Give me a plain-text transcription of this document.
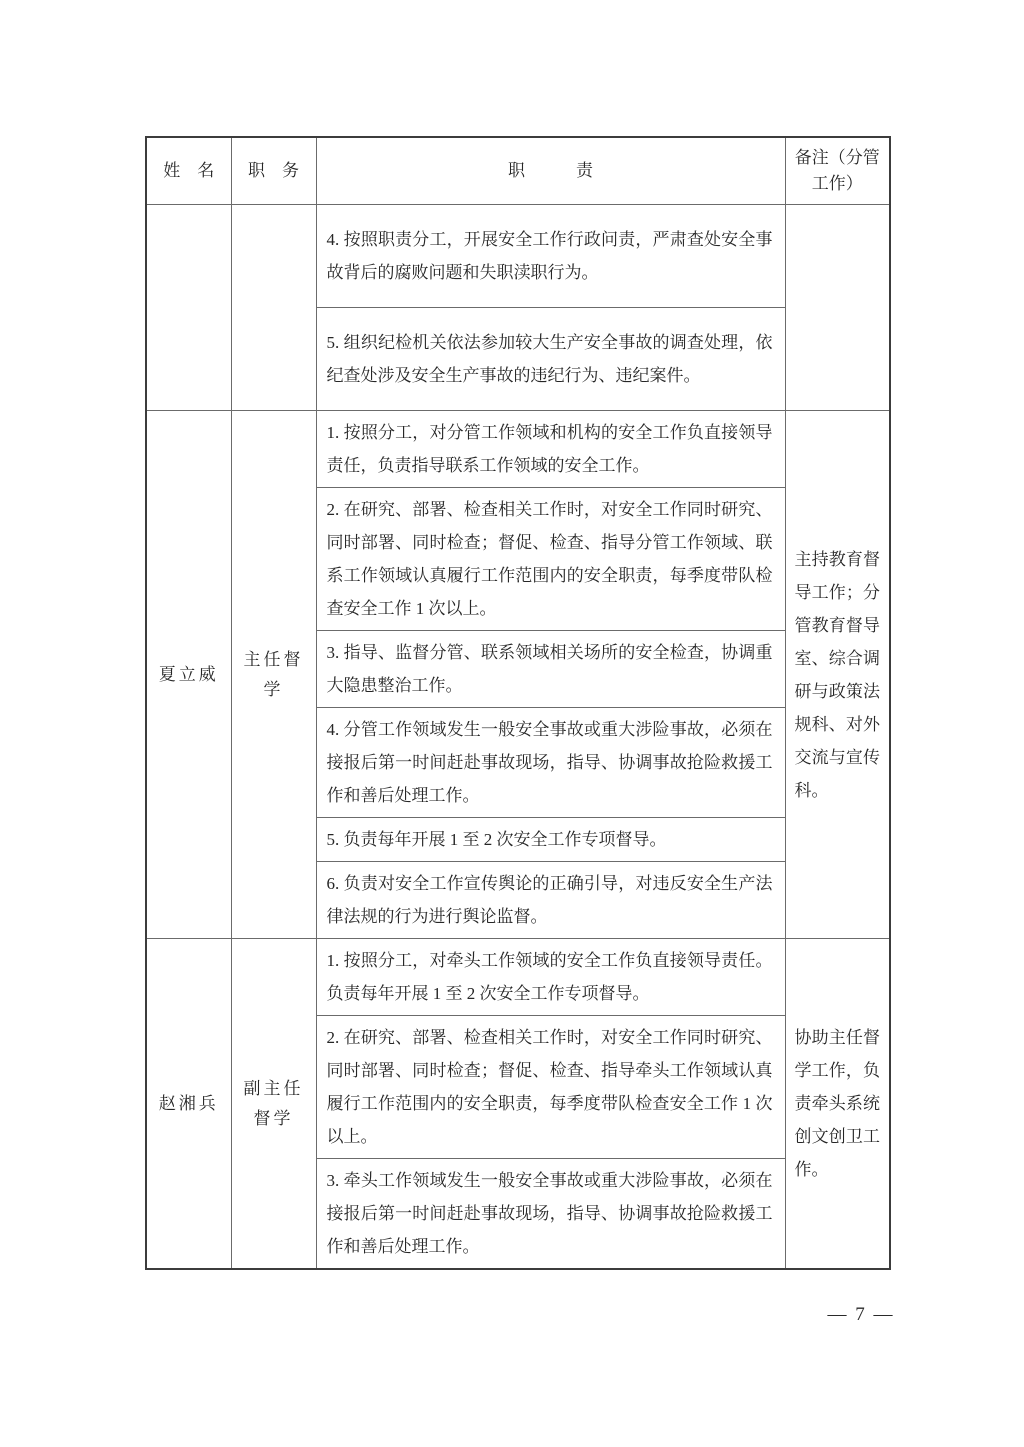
姓　名	职　务	职　　　责	备注（分管工作）
		4. 按照职责分工，开展安全工作行政问责，严肃查处安全事故背后的腐败问题和失职渎职行为。	
		5. 组织纪检机关依法参加较大生产安全事故的调查处理，依纪查处涉及安全生产事故的违纪行为、违纪案件。	
夏立威	主任督学	1. 按照分工，对分管工作领域和机构的安全工作负直接领导责任，负责指导联系工作领域的安全工作。	主持教育督导工作；分管教育督导室、综合调研与政策法规科、对外交流与宣传科。
		2. 在研究、部署、检查相关工作时，对安全工作同时研究、同时部署、同时检查；督促、检查、指导分管工作领域、联系工作领域认真履行工作范围内的安全职责，每季度带队检查安全工作 1 次以上。	
		3. 指导、监督分管、联系领域相关场所的安全检查，协调重大隐患整治工作。	
		4. 分管工作领域发生一般安全事故或重大涉险事故，必须在接报后第一时间赶赴事故现场，指导、协调事故抢险救援工作和善后处理工作。	
		5. 负责每年开展 1 至 2 次安全工作专项督导。	
		6. 负责对安全工作宣传舆论的正确引导，对违反安全生产法律法规的行为进行舆论监督。	
赵湘兵	副主任督学	1. 按照分工，对牵头工作领域的安全工作负直接领导责任。负责每年开展 1 至 2 次安全工作专项督导。	协助主任督学工作，负责牵头系统创文创卫工作。
		2. 在研究、部署、检查相关工作时，对安全工作同时研究、同时部署、同时检查；督促、检查、指导牵头工作领域认真履行工作范围内的安全职责，每季度带队检查安全工作 1 次以上。	
		3. 牵头工作领域发生一般安全事故或重大涉险事故，必须在接报后第一时间赶赴事故现场，指导、协调事故抢险救援工作和善后处理工作。	
— 7 —
